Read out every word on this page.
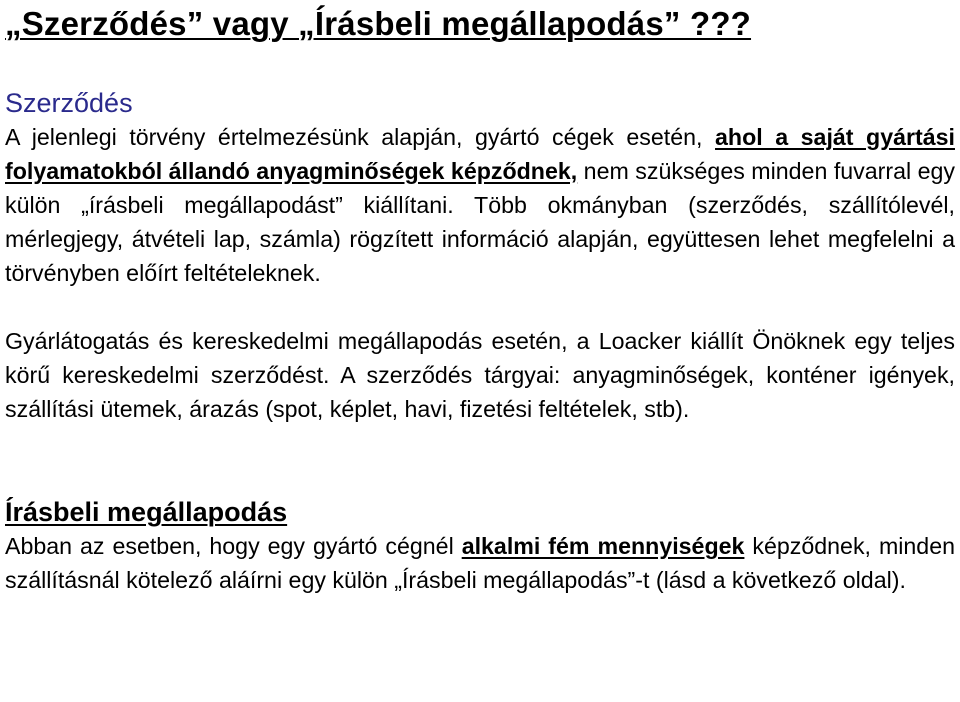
„Szerződés” vagy „Írásbeli megállapodás” ???
Szerződés

A jelenlegi törvény értelmezésünk alapján, gyártó cégek esetén, ahol a saját gyártási folyamatokból állandó anyagminőségek képződnek, nem szükséges minden fuvarral egy külön „írásbeli megállapodást” kiállítani. Több okmányban (szerződés, szállítólevél, mérlegjegy, átvételi lap, számla) rögzített információ alapján, együttesen lehet megfelelni a törvényben előírt feltételeknek.

Gyárlátogatás és kereskedelmi megállapodás esetén, a Loacker kiállít Önöknek egy teljes körű kereskedelmi szerződést. A szerződés tárgyai: anyagminőségek, konténer igények, szállítási ütemek, árazás (spot, képlet, havi, fizetési feltételek, stb).

Írásbeli megállapodás

Abban az esetben, hogy egy gyártó cégnél alkalmi fém mennyiségek képződnek, minden szállításnál kötelező aláírni egy külön „Írásbeli megállapodás”-t (lásd a következő oldal).
